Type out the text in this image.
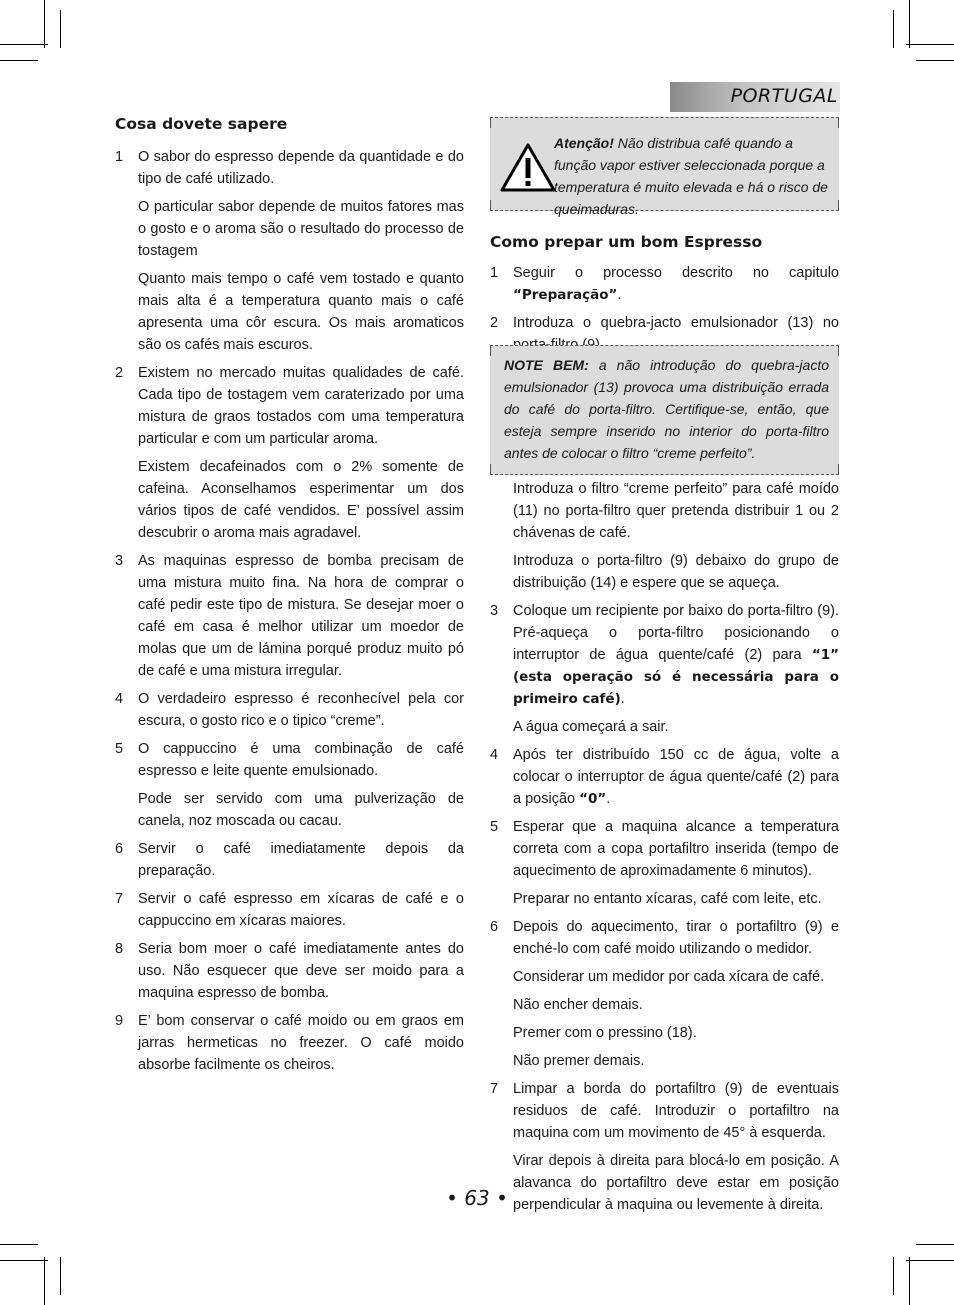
PORTUGAL
Cosa dovete sapere
1 O sabor do espresso depende da quantidade e do tipo de café utilizado.
O particular sabor depende de muitos fatores mas o gosto e o aroma são o resultado do processo de tostagem
Quanto mais tempo o café vem tostado e quanto mais alta é a temperatura quanto mais o café apresenta uma côr escura. Os mais aromaticos são os cafés mais escuros.
2 Existem no mercado muitas qualidades de café. Cada tipo de tostagem vem caraterizado por uma mistura de graos tostados com uma temperatura particular e com um particular aroma.
Existem decafeinados com o 2% somente de cafeina. Aconselhamos esperimentar um dos vários tipos de café vendidos. E’ possível assim descubrir o aroma mais agradavel.
3 As maquinas espresso de bomba precisam de uma mistura muito fina. Na hora de comprar o café pedir este tipo de mistura. Se desejar moer o café em casa é melhor utilizar um moedor de molas que um de lámina porqué produz muito pó de café e uma mistura irregular.
4 O verdadeiro espresso é reconhecível pela cor escura, o gosto rico e o tipico “creme”.
5 O cappuccino é uma combinação de café espresso e leite quente emulsionado.
Pode ser servido com uma pulverização de canela, noz moscada ou cacau.
6 Servir o café imediatamente depois da preparação.
7 Servir o café espresso em xícaras de café e o cappuccino em xícaras maiores.
8 Seria bom moer o café imediatamente antes do uso. Não esquecer que deve ser moido para a maquina espresso de bomba.
9 E’ bom conservar o café moido ou em graos em jarras hermeticas no freezer. O café moido absorbe facilmente os cheiros.
Atenção! Não distribua café quando a função vapor estiver seleccionada porque a temperatura é muito elevada e há o risco de queimaduras.
Como prepar um bom Espresso
1 Seguir o processo descrito no capitulo “Preparação”.
2 Introduza o quebra-jacto emulsionador (13) no
NOTE BEM: a não introdução do quebra-jacto emulsionador (13) provoca uma distribuição errada do café do porta-filtro. Certifique-se, então, que esteja sempre inserido no interior do porta-filtro antes de colocar o filtro “creme perfeito”.
Introduza o filtro “creme perfeito” para café moído (11) no porta-filtro quer pretenda distribuir 1 ou 2 chávenas de café.
Introduza o porta-filtro (9) debaixo do grupo de distribuição (14) e espere que se aqueça.
3 Coloque um recipiente por baixo do porta-filtro (9). Pré-aqueça o porta-filtro posicionando o interruptor de água quente/café (2) para “1” (esta operação só é necessária para o primeiro café).
A água começará a sair.
4 Após ter distribuído 150 cc de água, volte a colocar o interruptor de água quente/café (2) para a posição “0”.
5 Esperar que a maquina alcance a temperatura correta com a copa portafiltro inserida (tempo de aquecimento de aproximadamente 6 minutos).
Preparar no entanto xícaras, café com leite, etc.
6 Depois do aquecimento, tirar o portafiltro (9) e enché-lo com café moido utilizando o medidor.
Considerar um medidor por cada xícara de café.
Não encher demais.
Premer com o pressino (18).
Não premer demais.
7 Limpar a borda do portafiltro (9) de eventuais residuos de café. Introduzir o portafiltro na maquina com um movimento de 45° à esquerda.
Virar depois à direita para blocá-lo em posição. A alavanca do portafiltro deve estar em posição perpendicular à maquina ou levemente à direita.
• 63 •
